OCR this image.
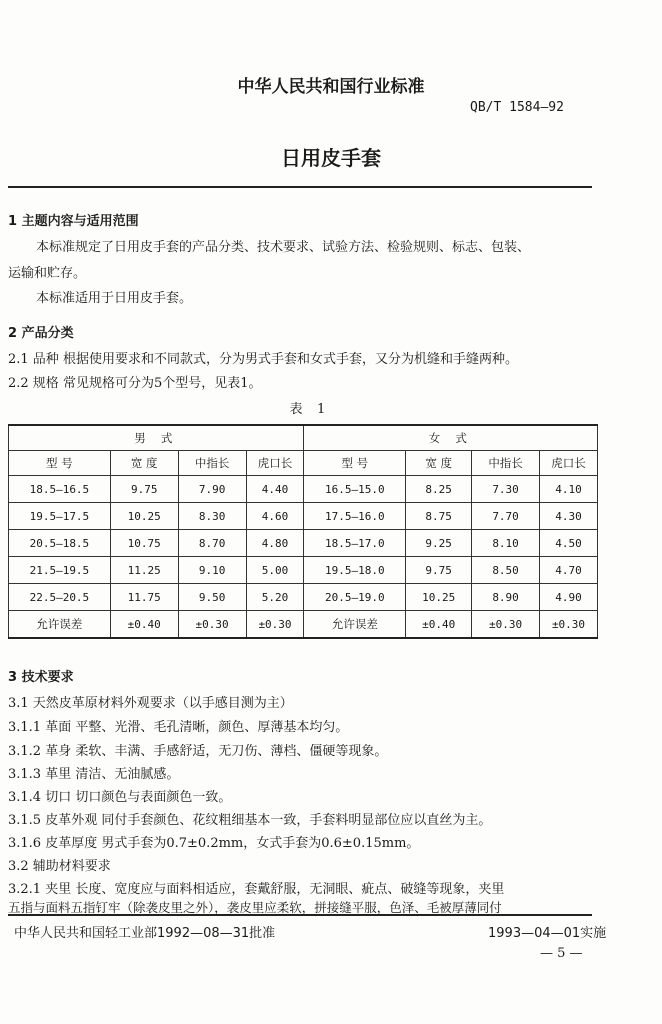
中华人民共和国行业标准
QB/T 1584—92
日用皮手套
1 主题内容与适用范围
本标准规定了日用皮手套的产品分类、技术要求、试验方法、检验规则、标志、包装、
运输和贮存。
本标准适用于日用皮手套。
2 产品分类
2.1 品种 根据使用要求和不同款式，分为男式手套和女式手套，又分为机缝和手缝两种。
2.2 规格 常见规格可分为5个型号，见表1。
表 1
男 式				女 式			
型 号	宽 度	中指长	虎口长	型 号	宽 度	中指长	虎口长
18.5—16.5	9.75	7.90	4.40	16.5—15.0	8.25	7.30	4.10
19.5—17.5	10.25	8.30	4.60	17.5—16.0	8.75	7.70	4.30
20.5—18.5	10.75	8.70	4.80	18.5—17.0	9.25	8.10	4.50
21.5—19.5	11.25	9.10	5.00	19.5—18.0	9.75	8.50	4.70
22.5—20.5	11.75	9.50	5.20	20.5—19.0	10.25	8.90	4.90
允许误差	±0.40	±0.30	±0.30	允许误差	±0.40	±0.30	±0.30
3 技术要求
3.1 天然皮革原材料外观要求（以手感目测为主）
3.1.1 革面 平整、光滑、毛孔清晰，颜色、厚薄基本均匀。
3.1.2 革身 柔软、丰满、手感舒适，无刀伤、薄档、僵硬等现象。
3.1.3 革里 清洁、无油腻感。
3.1.4 切口 切口颜色与表面颜色一致。
3.1.5 皮革外观 同付手套颜色、花纹粗细基本一致，手套料明显部位应以直丝为主。
3.1.6 皮革厚度 男式手套为0.7±0.2mm，女式手套为0.6±0.15mm。
3.2 辅助材料要求
3.2.1 夹里 长度、宽度应与面料相适应，套戴舒服，无洞眼、疵点、破缝等现象，夹里
五指与面料五指钉牢（除袭皮里之外），袭皮里应柔软，拼接缝平服，色泽、毛被厚薄同付
中华人民共和国轻工业部1992—08—31批准	1993—04—01实施
— 5 —
